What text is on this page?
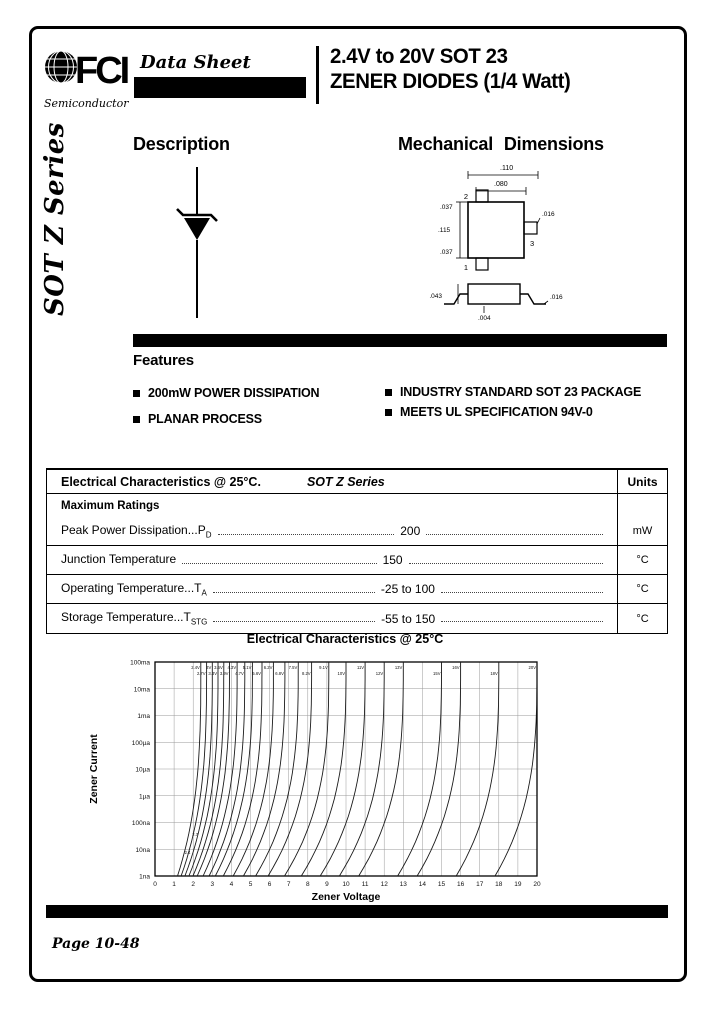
FCI
Semiconductor
Data Sheet	2.4V to 20V SOT 23
ZENER DIODES (1/4 Watt)
SOT Z Series	Description	Mechanical Dimensions
.110
.080
2
1
3
.037
.115
.037
.016
.043
.004
.016
Features
200mW POWER DISSIPATION
PLANAR PROCESS
INDUSTRY STANDARD SOT 23 PACKAGE
MEETS UL SPECIFICATION 94V-0
Electrical Characteristics @ 25°C.	SOT Z Series	Units
Maximum Ratings
Peak Power $Dissipation...P_D$	200	mW
Junction Temperature	150	°C
Operating $Temperature...T_A$	-25 to 100	°C
Storage $Temperature...T_{STG}$	-55 to 150	°C
Electrical Characteristics @ 25°C
0 1 2 3 4 5 6 7 8 9 10 11 12 13 14 15 16 17 18 19 20
100ma
10ma
1ma
100µa
10µa
1µa
100na
10na
1na
2.4V
2.7V
3V
3.3V
3.6V
3.9V
4.3V
4.7V
5.1V
5.6V
6.2V
6.8V
7.5V
8.2V
9.1V
10V
11V
12V
13V
15V
16V
18V
20V
2.4
2.7
Zener Current
Zener Voltage
Page 10-48
